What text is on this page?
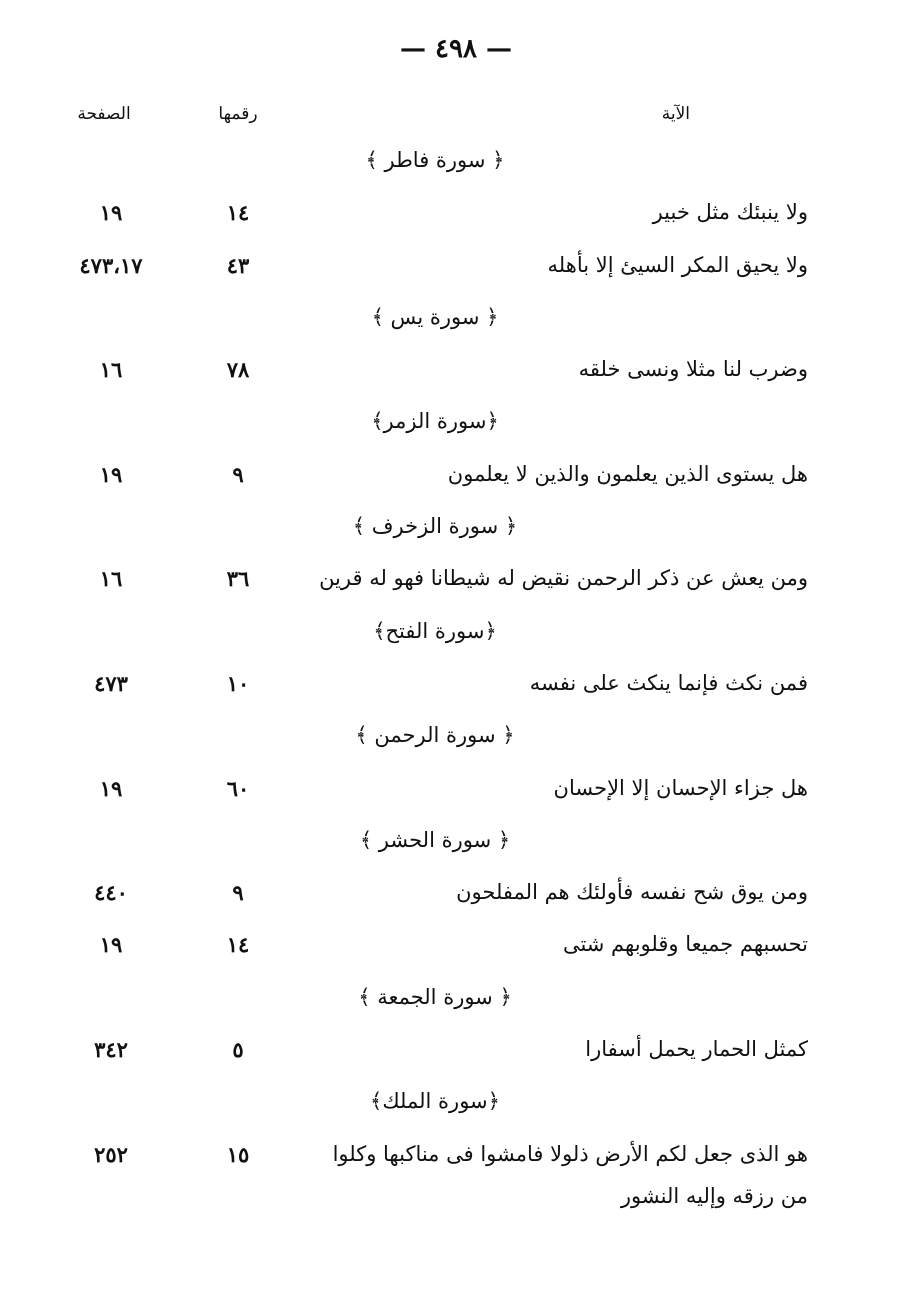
— ٤٩٨ —
الآية
رقمها
الصفحة
﴿ سورة فاطر ﴾
ولا ينبئك مثل خبير
١٤
١٩
ولا يحيق المكر السيئ إلا بأهله
٤٣
٤٧٣،١٧
﴿ سورة يس ﴾
وضرب لنا مثلا ونسى خلقه
٧٨
١٦
﴿سورة الزمر﴾
هل يستوى الذين يعلمون والذين لا يعلمون
٩
١٩
﴿ سورة الزخرف ﴾
ومن يعش عن ذكر الرحمن نقيض له شيطانا فهو له قرين
٣٦
١٦
﴿سورة الفتح﴾
فمن نكث فإنما ينكث على نفسه
١٠
٤٧٣
﴿ سورة الرحمن ﴾
هل جزاء الإحسان إلا الإحسان
٦٠
١٩
﴿ سورة الحشر ﴾
ومن يوق شح نفسه فأولئك هم المفلحون
٩
٤٤٠
تحسبهم جميعا وقلوبهم شتى
١٤
١٩
﴿ سورة الجمعة ﴾
كمثل الحمار يحمل أسفارا
٥
٣٤٢
﴿سورة الملك﴾
هو الذى جعل لكم الأرض ذلولا فامشوا فى مناكبها وكلوا
١٥
٢٥٢
من رزقه وإليه النشور
